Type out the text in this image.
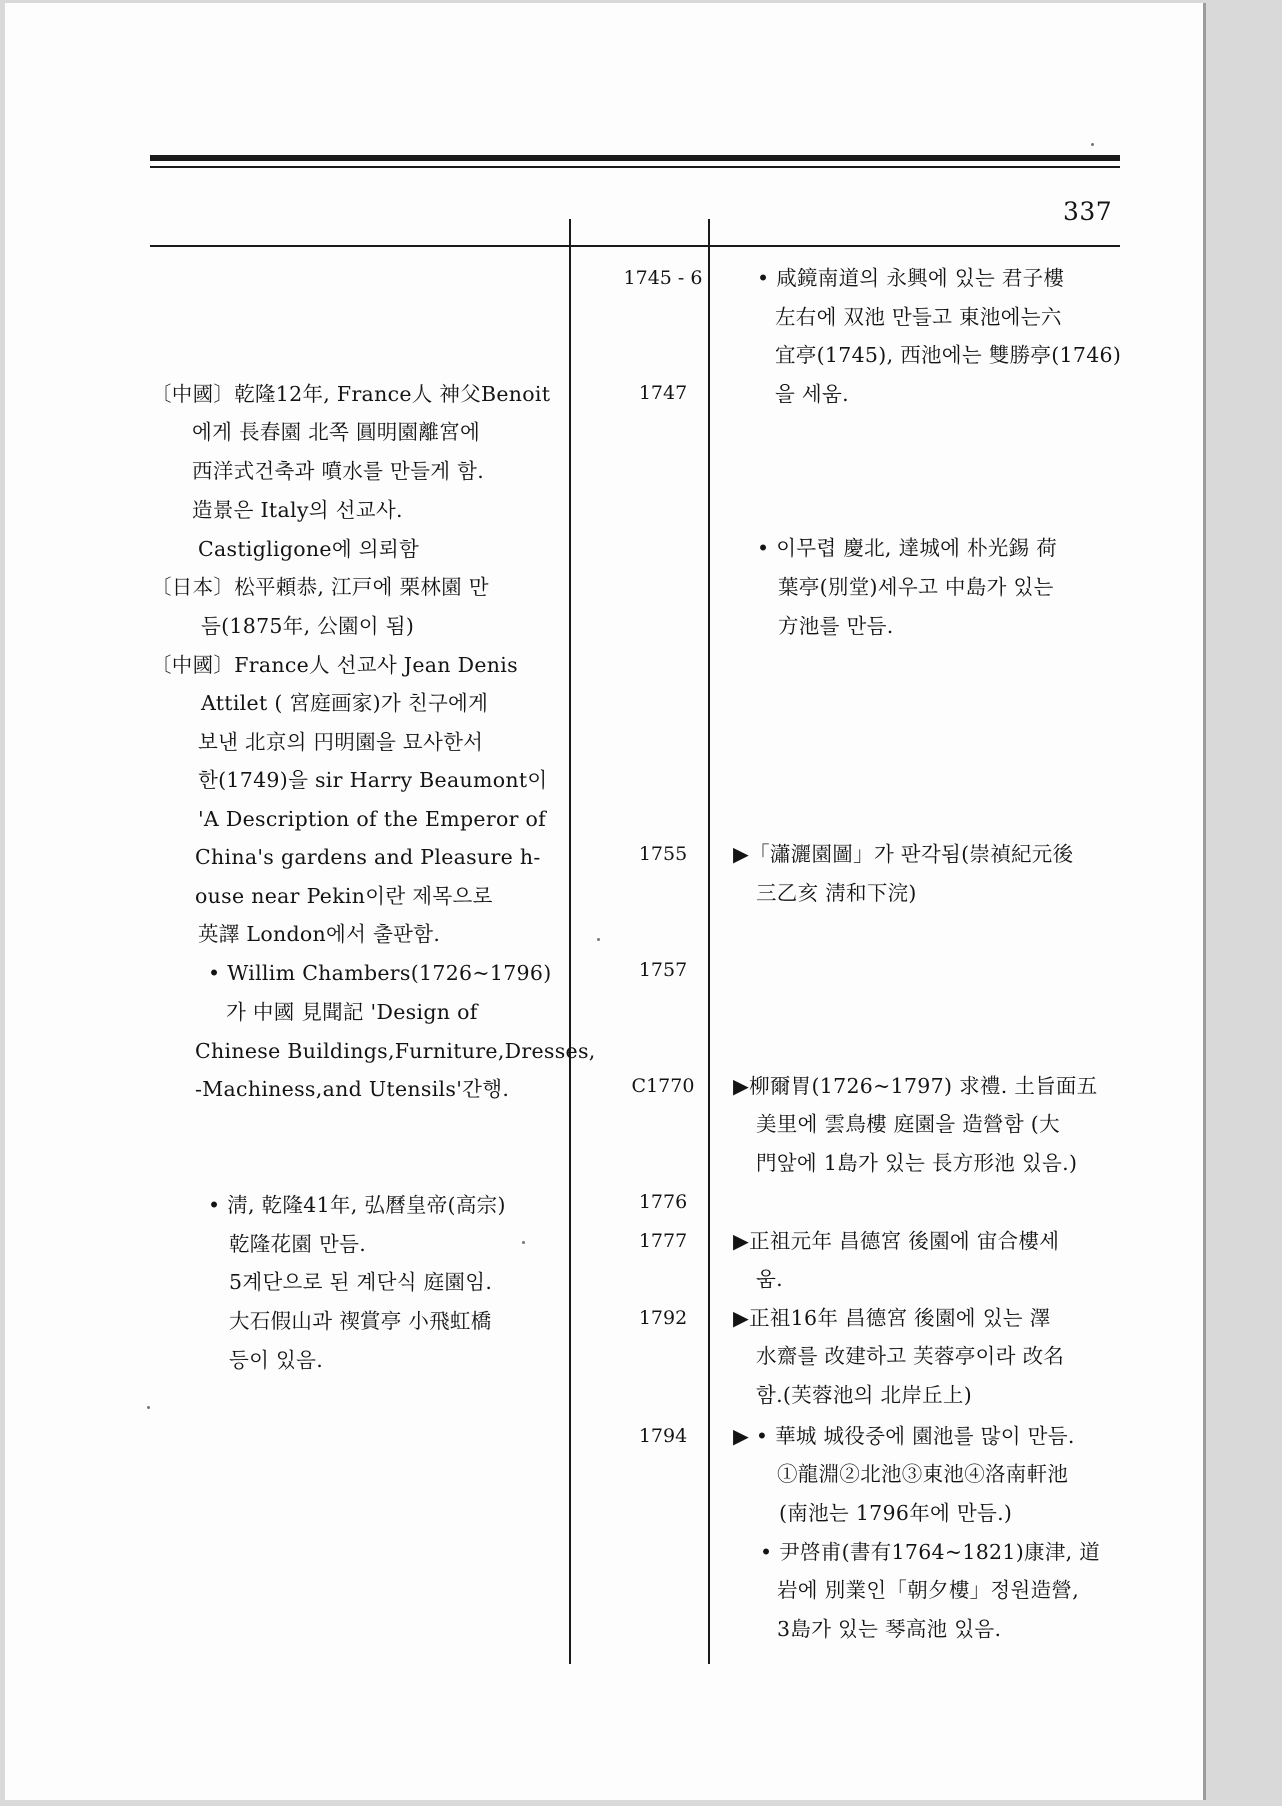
337
〔中國〕乾隆12年, France人 神父Benoit
에게 長春園 北쪽 圓明園離宮에
西洋式건축과 噴水를 만들게 함.
造景은 Italy의 선교사.
Castigligone에 의뢰함
〔日本〕松平頼恭, 江戸에 栗林園 만
듬(1875年, 公園이 됨)
〔中國〕France人 선교사 Jean Denis
Attilet ( 宮庭画家)가 친구에게
보낸 北京의 円明園을 묘사한서
한(1749)을 sir Harry Beaumont이
'A Description of the Emperor of
China's gardens and Pleasure h-
ouse near Pekin이란 제목으로
英譯 London에서 출판함.
• Willim Chambers(1726~1796)
가 中國 見聞記 'Design of
Chinese Buildings,Furniture,Dresses,
-Machiness,and Utensils'간행.
• 淸, 乾隆41年, 弘曆皇帝(高宗)
乾隆花園 만듬.
5계단으로 된 계단식 庭園임.
大石假山과 禊賞亭 小飛虹橋
등이 있음.
1745 - 6
1747
1755
1757
C1770
1776
1777
1792
1794
• 咸鏡南道의 永興에 있는 君子樓
左右에 双池 만들고 東池에는六
宜亭(1745), 西池에는 雙勝亭(1746)
을 세움.
• 이무렵 慶北, 達城에 朴光錫 荷
葉亭(別堂)세우고 中島가 있는
方池를 만듬.
▶「瀟灑園圖」가 판각됨(崇禎紀元後
三乙亥 淸和下浣)
▶柳爾胃(1726~1797) 求禮. 土旨面五
美里에 雲鳥樓 庭園을 造營함 (大
門앞에 1島가 있는 長方形池 있음.)
▶正祖元年 昌德宮 後園에 宙合樓세
움.
▶正祖16年 昌德宮 後園에 있는 澤
水齋를 改建하고 芙蓉亭이라 改名
함.(芙蓉池의 北岸丘上)
▶ • 華城 城役중에 園池를 많이 만듬.
①龍淵②北池③東池④洛南軒池
(南池는 1796年에 만듬.)
• 尹啓甫(書有1764~1821)康津, 道
岩에 別業인「朝夕樓」정원造營,
3島가 있는 琴高池 있음.
